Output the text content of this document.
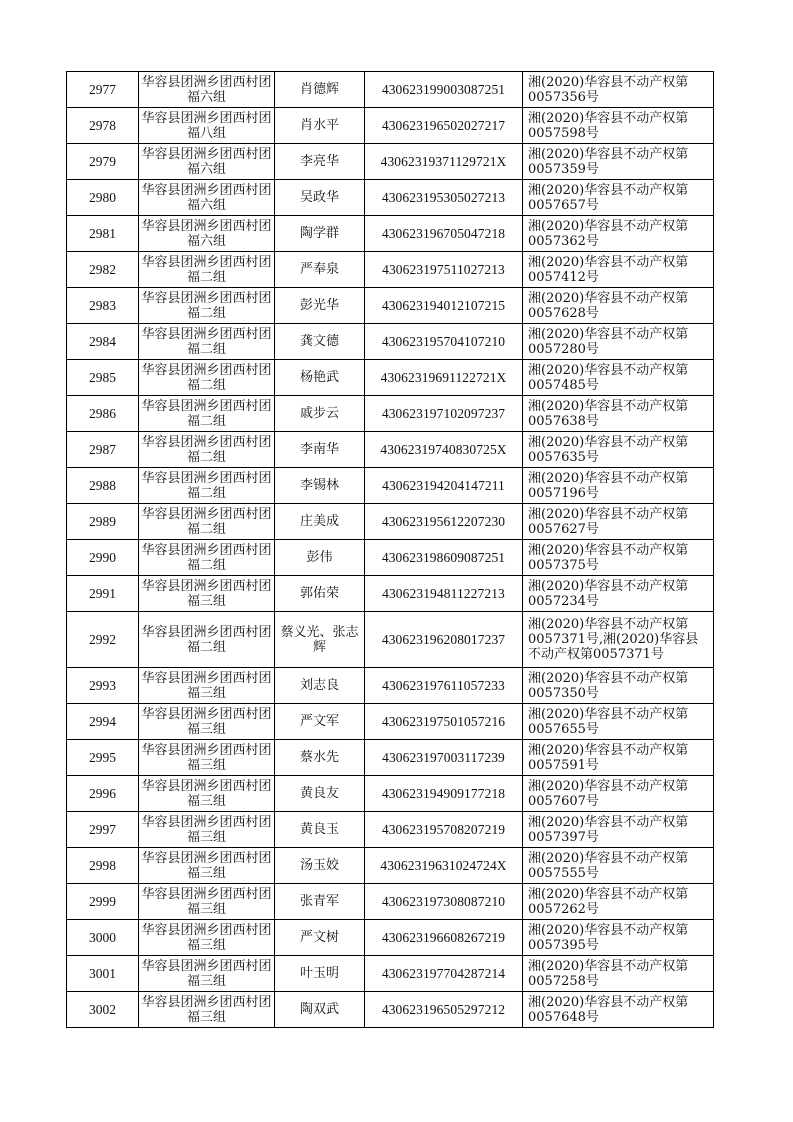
2977	华容县团洲乡团西村团福六组	肖德辉	430623199003087251	湘(2020)华容县不动产权第0057356号
2978	华容县团洲乡团西村团福八组	肖水平	430623196502027217	湘(2020)华容县不动产权第0057598号
2979	华容县团洲乡团西村团福六组	李亮华	43062319371129721X	湘(2020)华容县不动产权第0057359号
2980	华容县团洲乡团西村团福六组	吴政华	430623195305027213	湘(2020)华容县不动产权第0057657号
2981	华容县团洲乡团西村团福六组	陶学群	430623196705047218	湘(2020)华容县不动产权第0057362号
2982	华容县团洲乡团西村团福二组	严奉泉	430623197511027213	湘(2020)华容县不动产权第0057412号
2983	华容县团洲乡团西村团福二组	彭光华	430623194012107215	湘(2020)华容县不动产权第0057628号
2984	华容县团洲乡团西村团福二组	龚文德	430623195704107210	湘(2020)华容县不动产权第0057280号
2985	华容县团洲乡团西村团福二组	杨艳武	43062319691122721X	湘(2020)华容县不动产权第0057485号
2986	华容县团洲乡团西村团福二组	戚步云	430623197102097237	湘(2020)华容县不动产权第0057638号
2987	华容县团洲乡团西村团福二组	李南华	43062319740830725X	湘(2020)华容县不动产权第0057635号
2988	华容县团洲乡团西村团福二组	李锡林	430623194204147211	湘(2020)华容县不动产权第0057196号
2989	华容县团洲乡团西村团福二组	庄美成	430623195612207230	湘(2020)华容县不动产权第0057627号
2990	华容县团洲乡团西村团福二组	彭伟	430623198609087251	湘(2020)华容县不动产权第0057375号
2991	华容县团洲乡团西村团福三组	郭佑荣	430623194811227213	湘(2020)华容县不动产权第0057234号
2992	华容县团洲乡团西村团福二组	蔡义光、张志辉	430623196208017237	湘(2020)华容县不动产权第0057371号,湘(2020)华容县不动产权第0057371号
2993	华容县团洲乡团西村团福三组	刘志良	430623197611057233	湘(2020)华容县不动产权第0057350号
2994	华容县团洲乡团西村团福三组	严文军	430623197501057216	湘(2020)华容县不动产权第0057655号
2995	华容县团洲乡团西村团福三组	蔡水先	430623197003117239	湘(2020)华容县不动产权第0057591号
2996	华容县团洲乡团西村团福三组	黄良友	430623194909177218	湘(2020)华容县不动产权第0057607号
2997	华容县团洲乡团西村团福三组	黄良玉	430623195708207219	湘(2020)华容县不动产权第0057397号
2998	华容县团洲乡团西村团福三组	汤玉姣	43062319631024724X	湘(2020)华容县不动产权第0057555号
2999	华容县团洲乡团西村团福三组	张青军	430623197308087210	湘(2020)华容县不动产权第0057262号
3000	华容县团洲乡团西村团福三组	严文树	430623196608267219	湘(2020)华容县不动产权第0057395号
3001	华容县团洲乡团西村团福三组	叶玉明	430623197704287214	湘(2020)华容县不动产权第0057258号
3002	华容县团洲乡团西村团福三组	陶双武	430623196505297212	湘(2020)华容县不动产权第0057648号
